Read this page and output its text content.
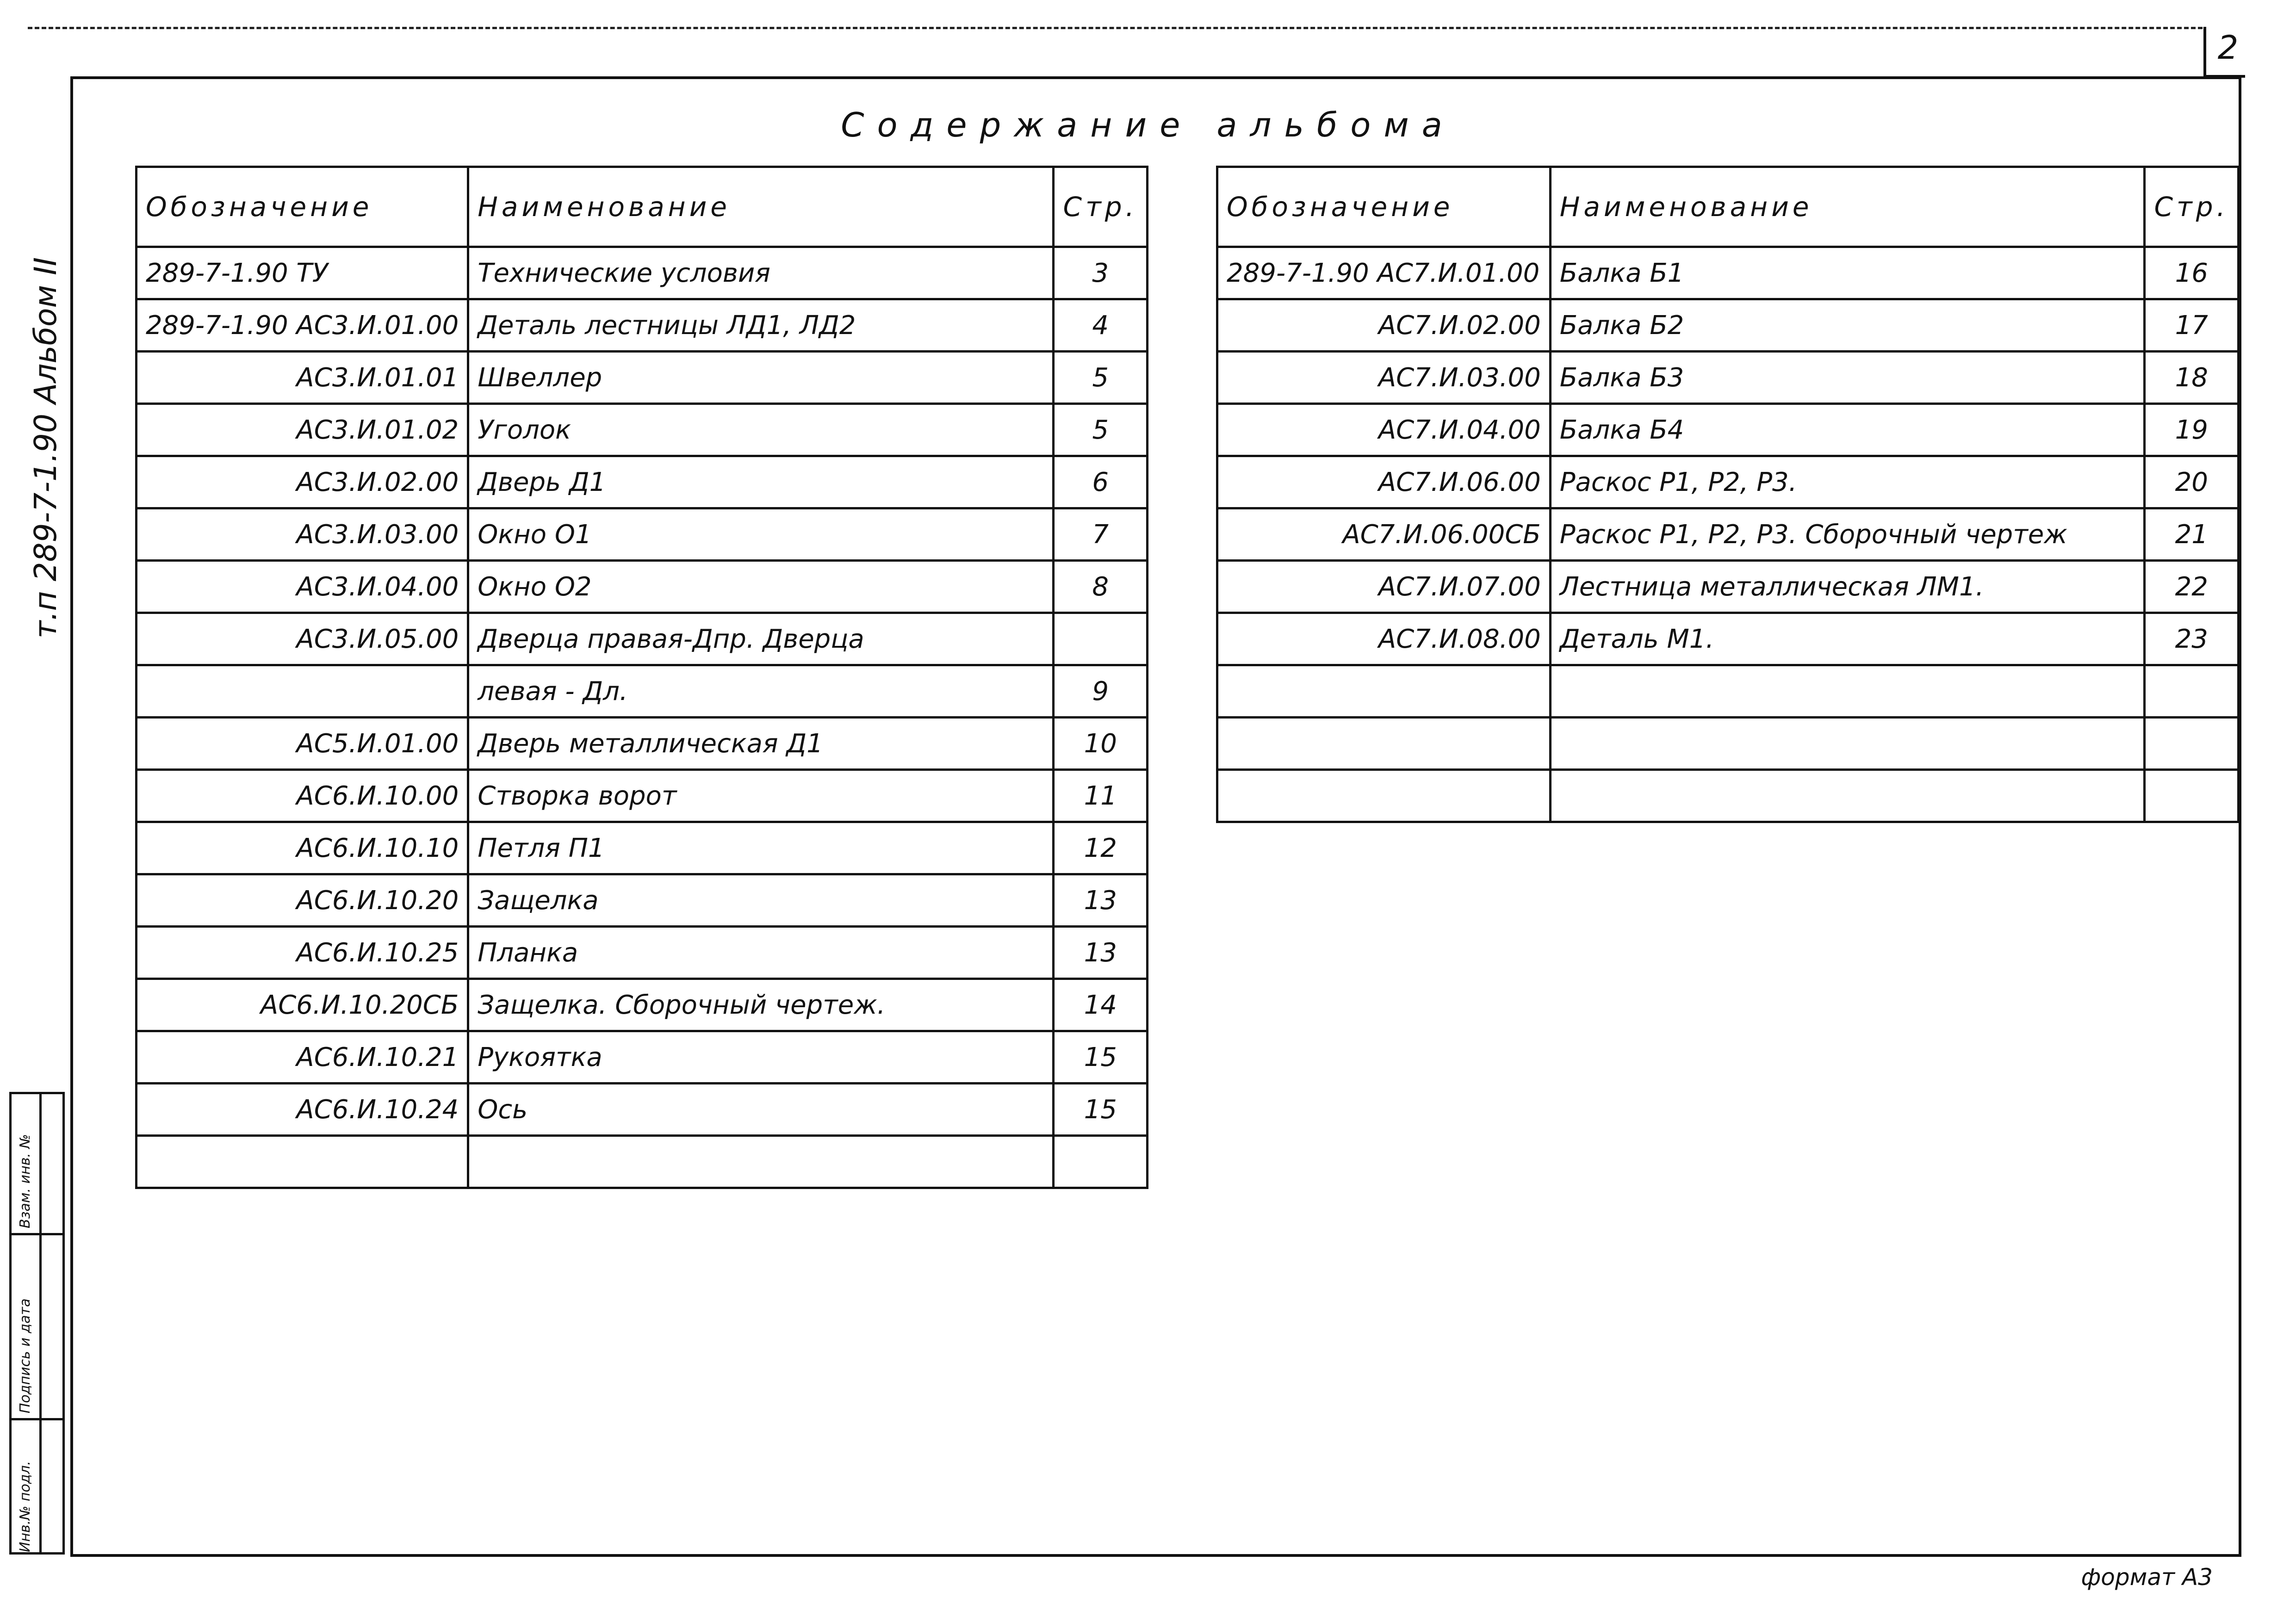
2
Содержание альбома
т.п 289-7-1.90 Альбом II
Инв.№ подл.
Подпись и дата
Взам. инв. №
Обозначение	Наименование	Стр.
289-7-1.90 ТУ	Технические условия	3
289-7-1.90 АС3.И.01.00	Деталь лестницы ЛД1, ЛД2	4
АС3.И.01.01	Швеллер	5
АС3.И.01.02	Уголок	5
АС3.И.02.00	Дверь Д1	6
АС3.И.03.00	Окно О1	7
АС3.И.04.00	Окно О2	8
АС3.И.05.00	Дверца правая-Дпр. Дверца	
	левая - Дл.	9
АС5.И.01.00	Дверь металлическая Д1	10
АС6.И.10.00	Створка ворот	11
АС6.И.10.10	Петля П1	12
АС6.И.10.20	Защелка	13
АС6.И.10.25	Планка	13
АС6.И.10.20СБ	Защелка. Сборочный чертеж.	14
АС6.И.10.21	Рукоятка	15
АС6.И.10.24	Ось	15

Обозначение	Наименование	Стр.
289-7-1.90 АС7.И.01.00	Балка Б1	16
АС7.И.02.00	Балка Б2	17
АС7.И.03.00	Балка Б3	18
АС7.И.04.00	Балка Б4	19
АС7.И.06.00	Раскос Р1, Р2, Р3.	20
АС7.И.06.00СБ	Раскос Р1, Р2, Р3. Сборочный чертеж	21
АС7.И.07.00	Лестница металлическая ЛМ1.	22
АС7.И.08.00	Деталь М1.	23

формат А3
